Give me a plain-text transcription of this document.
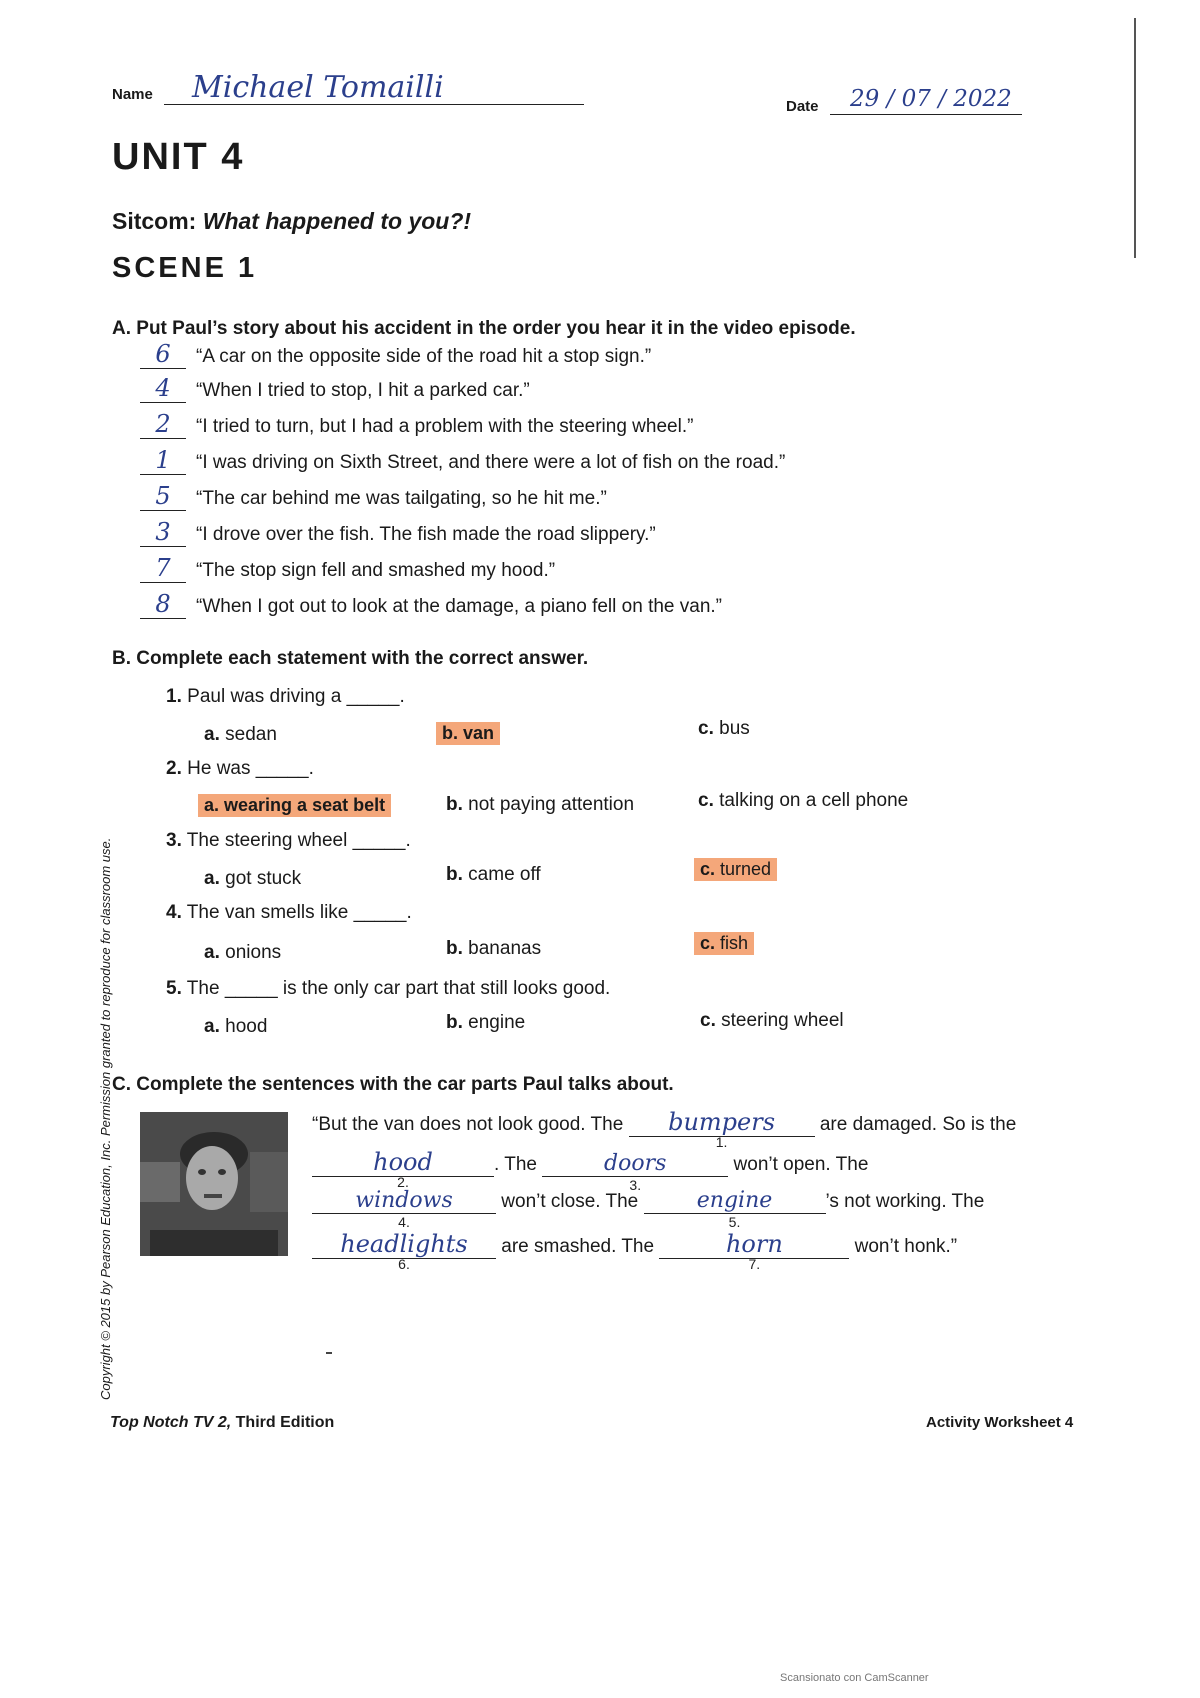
Name Michael Tomailli
Date 29 / 07 / 2022
UNIT 4
Sitcom: What happened to you?!
SCENE 1
A. Put Paul’s story about his accident in the order you hear it in the video episode.
6 “A car on the opposite side of the road hit a stop sign.”
4 “When I tried to stop, I hit a parked car.”
2 “I tried to turn, but I had a problem with the steering wheel.”
1 “I was driving on Sixth Street, and there were a lot of fish on the road.”
5 “The car behind me was tailgating, so he hit me.”
3 “I drove over the fish. The fish made the road slippery.”
7 “The stop sign fell and smashed my hood.”
8 “When I got out to look at the damage, a piano fell on the van.”
B. Complete each statement with the correct answer.
1. Paul was driving a _____.
a. sedan	b. van	c. bus
2. He was _____.
a. wearing a seat belt	b. not paying attention	c. talking on a cell phone
3. The steering wheel _____.
a. got stuck	b. came off	c. turned
4. The van smells like _____.
a. onions	b. bananas	c. fish
5. The _____ is the only car part that still looks good.
a. hood	b. engine	c. steering wheel
C. Complete the sentences with the car parts Paul talks about.
“But the van does not look good. The bumpers
1.
are damaged. So is the
hood
2.
. The	doors
3.
won’t open. The
windows
4.
won’t close. The	engine
5.
’s not working. The
headlights
6.
are smashed. The	horn
7.
won’t honk.”
Copyright © 2015 by Pearson Education, Inc. Permission granted to reproduce for classroom use.
Top Notch TV 2, Third Edition	Activity Worksheet 4
Scansionato con CamScanner
